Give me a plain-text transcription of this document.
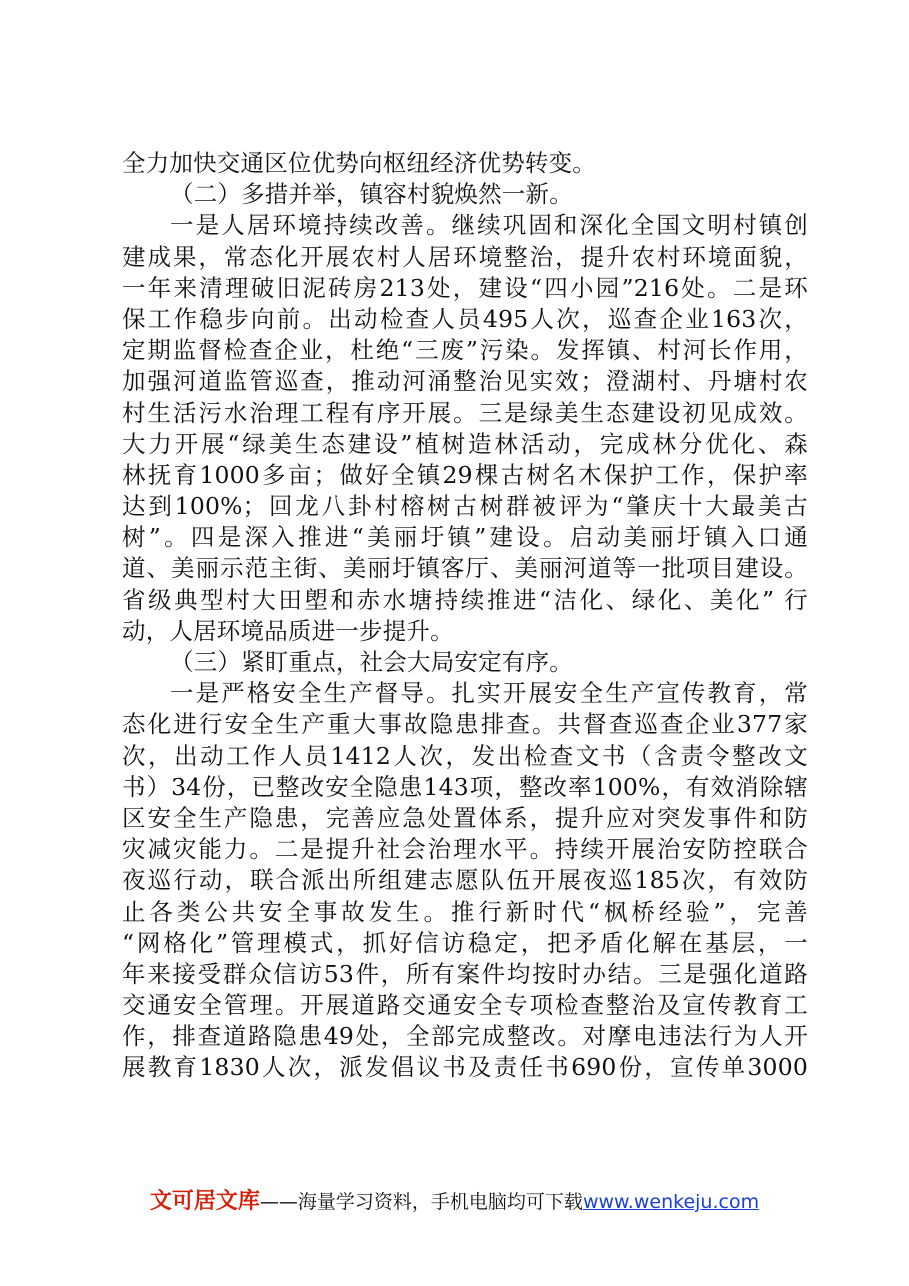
全力加快交通区位优势向枢纽经济优势转变。
（二）多措并举，镇容村貌焕然一新。
一是人居环境持续改善。继续巩固和深化全国文明村镇创
建成果，常态化开展农村人居环境整治，提升农村环境面貌，
一年来清理破旧泥砖房213处，建设“四小园”216处。二是环
保工作稳步向前。出动检查人员495人次，巡查企业163次，
定期监督检查企业，杜绝“三废”污染。发挥镇、村河长作用，
加强河道监管巡查，推动河涌整治见实效；澄湖村、丹塘村农
村生活污水治理工程有序开展。三是绿美生态建设初见成效。
大力开展“绿美生态建设”植树造林活动，完成林分优化、森
林抚育1000多亩；做好全镇29棵古树名木保护工作，保护率
达到100%；回龙八卦村榕树古树群被评为“肇庆十大最美古
树”。四是深入推进“美丽圩镇”建设。启动美丽圩镇入口通
道、美丽示范主街、美丽圩镇客厅、美丽河道等一批项目建设。
省级典型村大田塱和赤水塘持续推进“洁化、绿化、美化” 行
动，人居环境品质进一步提升。
（三）紧盯重点，社会大局安定有序。
一是严格安全生产督导。扎实开展安全生产宣传教育，常
态化进行安全生产重大事故隐患排查。共督查巡查企业377家
次，出动工作人员1412人次，发出检查文书（含责令整改文
书）34份，已整改安全隐患143项，整改率100%，有效消除辖
区安全生产隐患，完善应急处置体系，提升应对突发事件和防
灾减灾能力。二是提升社会治理水平。持续开展治安防控联合
夜巡行动，联合派出所组建志愿队伍开展夜巡185次，有效防
止各类公共安全事故发生。推行新时代“枫桥经验”，完善
“网格化”管理模式，抓好信访稳定，把矛盾化解在基层，一
年来接受群众信访53件，所有案件均按时办结。三是强化道路
交通安全管理。开展道路交通安全专项检查整治及宣传教育工
作，排查道路隐患49处，全部完成整改。对摩电违法行为人开
展教育1830人次，派发倡议书及责任书690份，宣传单3000
文可居文库——海量学习资料，手机电脑均可下载www.wenkeju.com
